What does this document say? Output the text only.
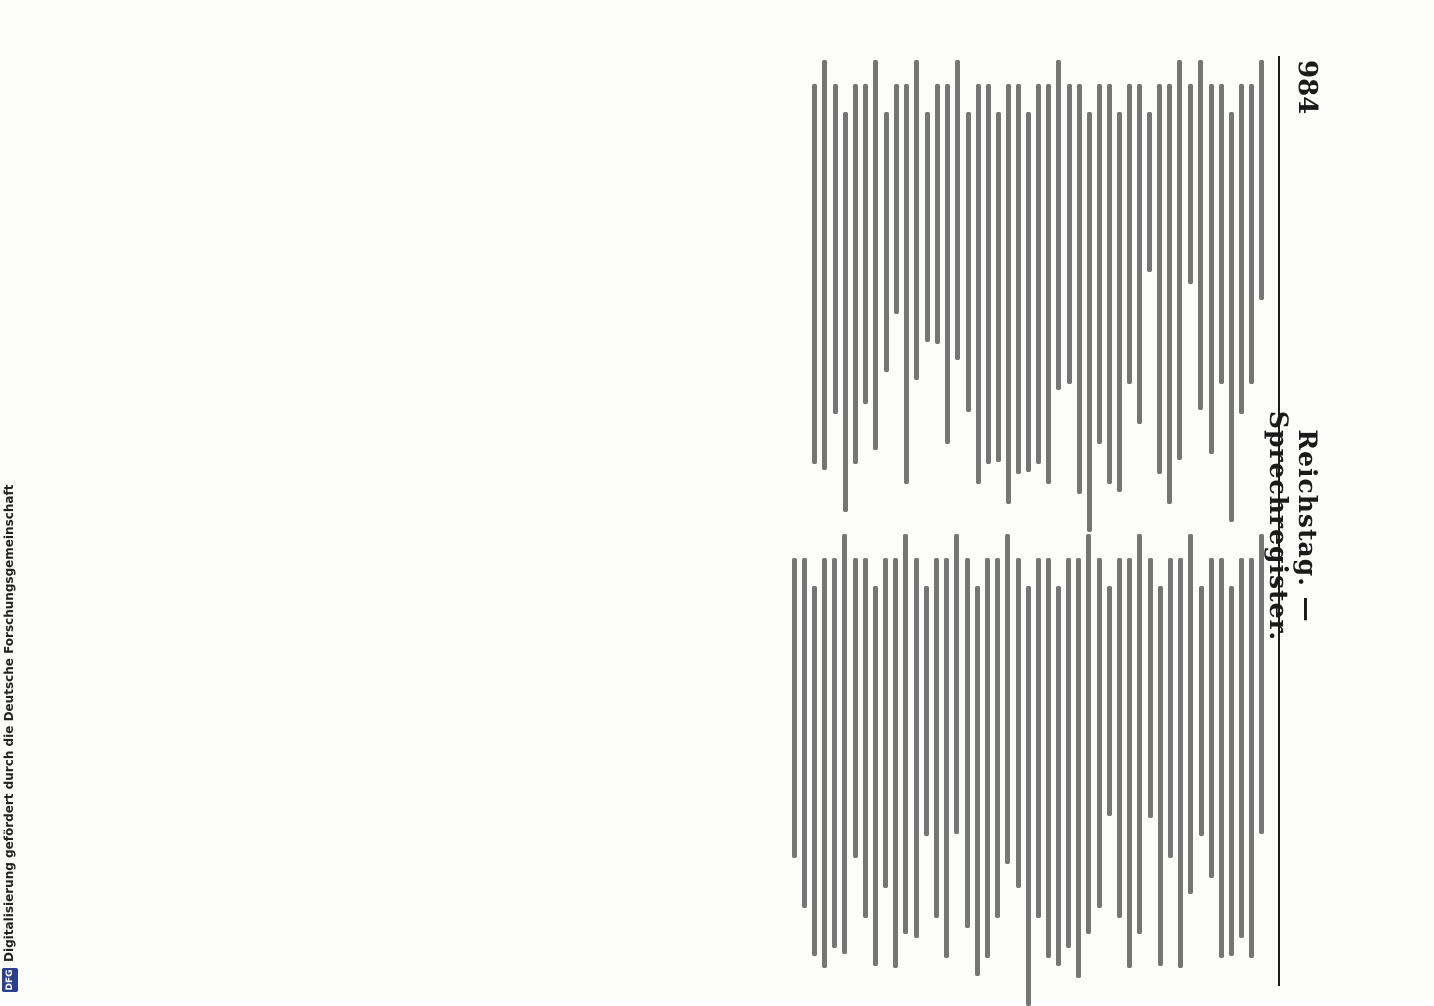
984
Reichstag. — Sprechregister.
DFG
Digitalisierung gefördert durch die Deutsche Forschungsgemeinschaft
